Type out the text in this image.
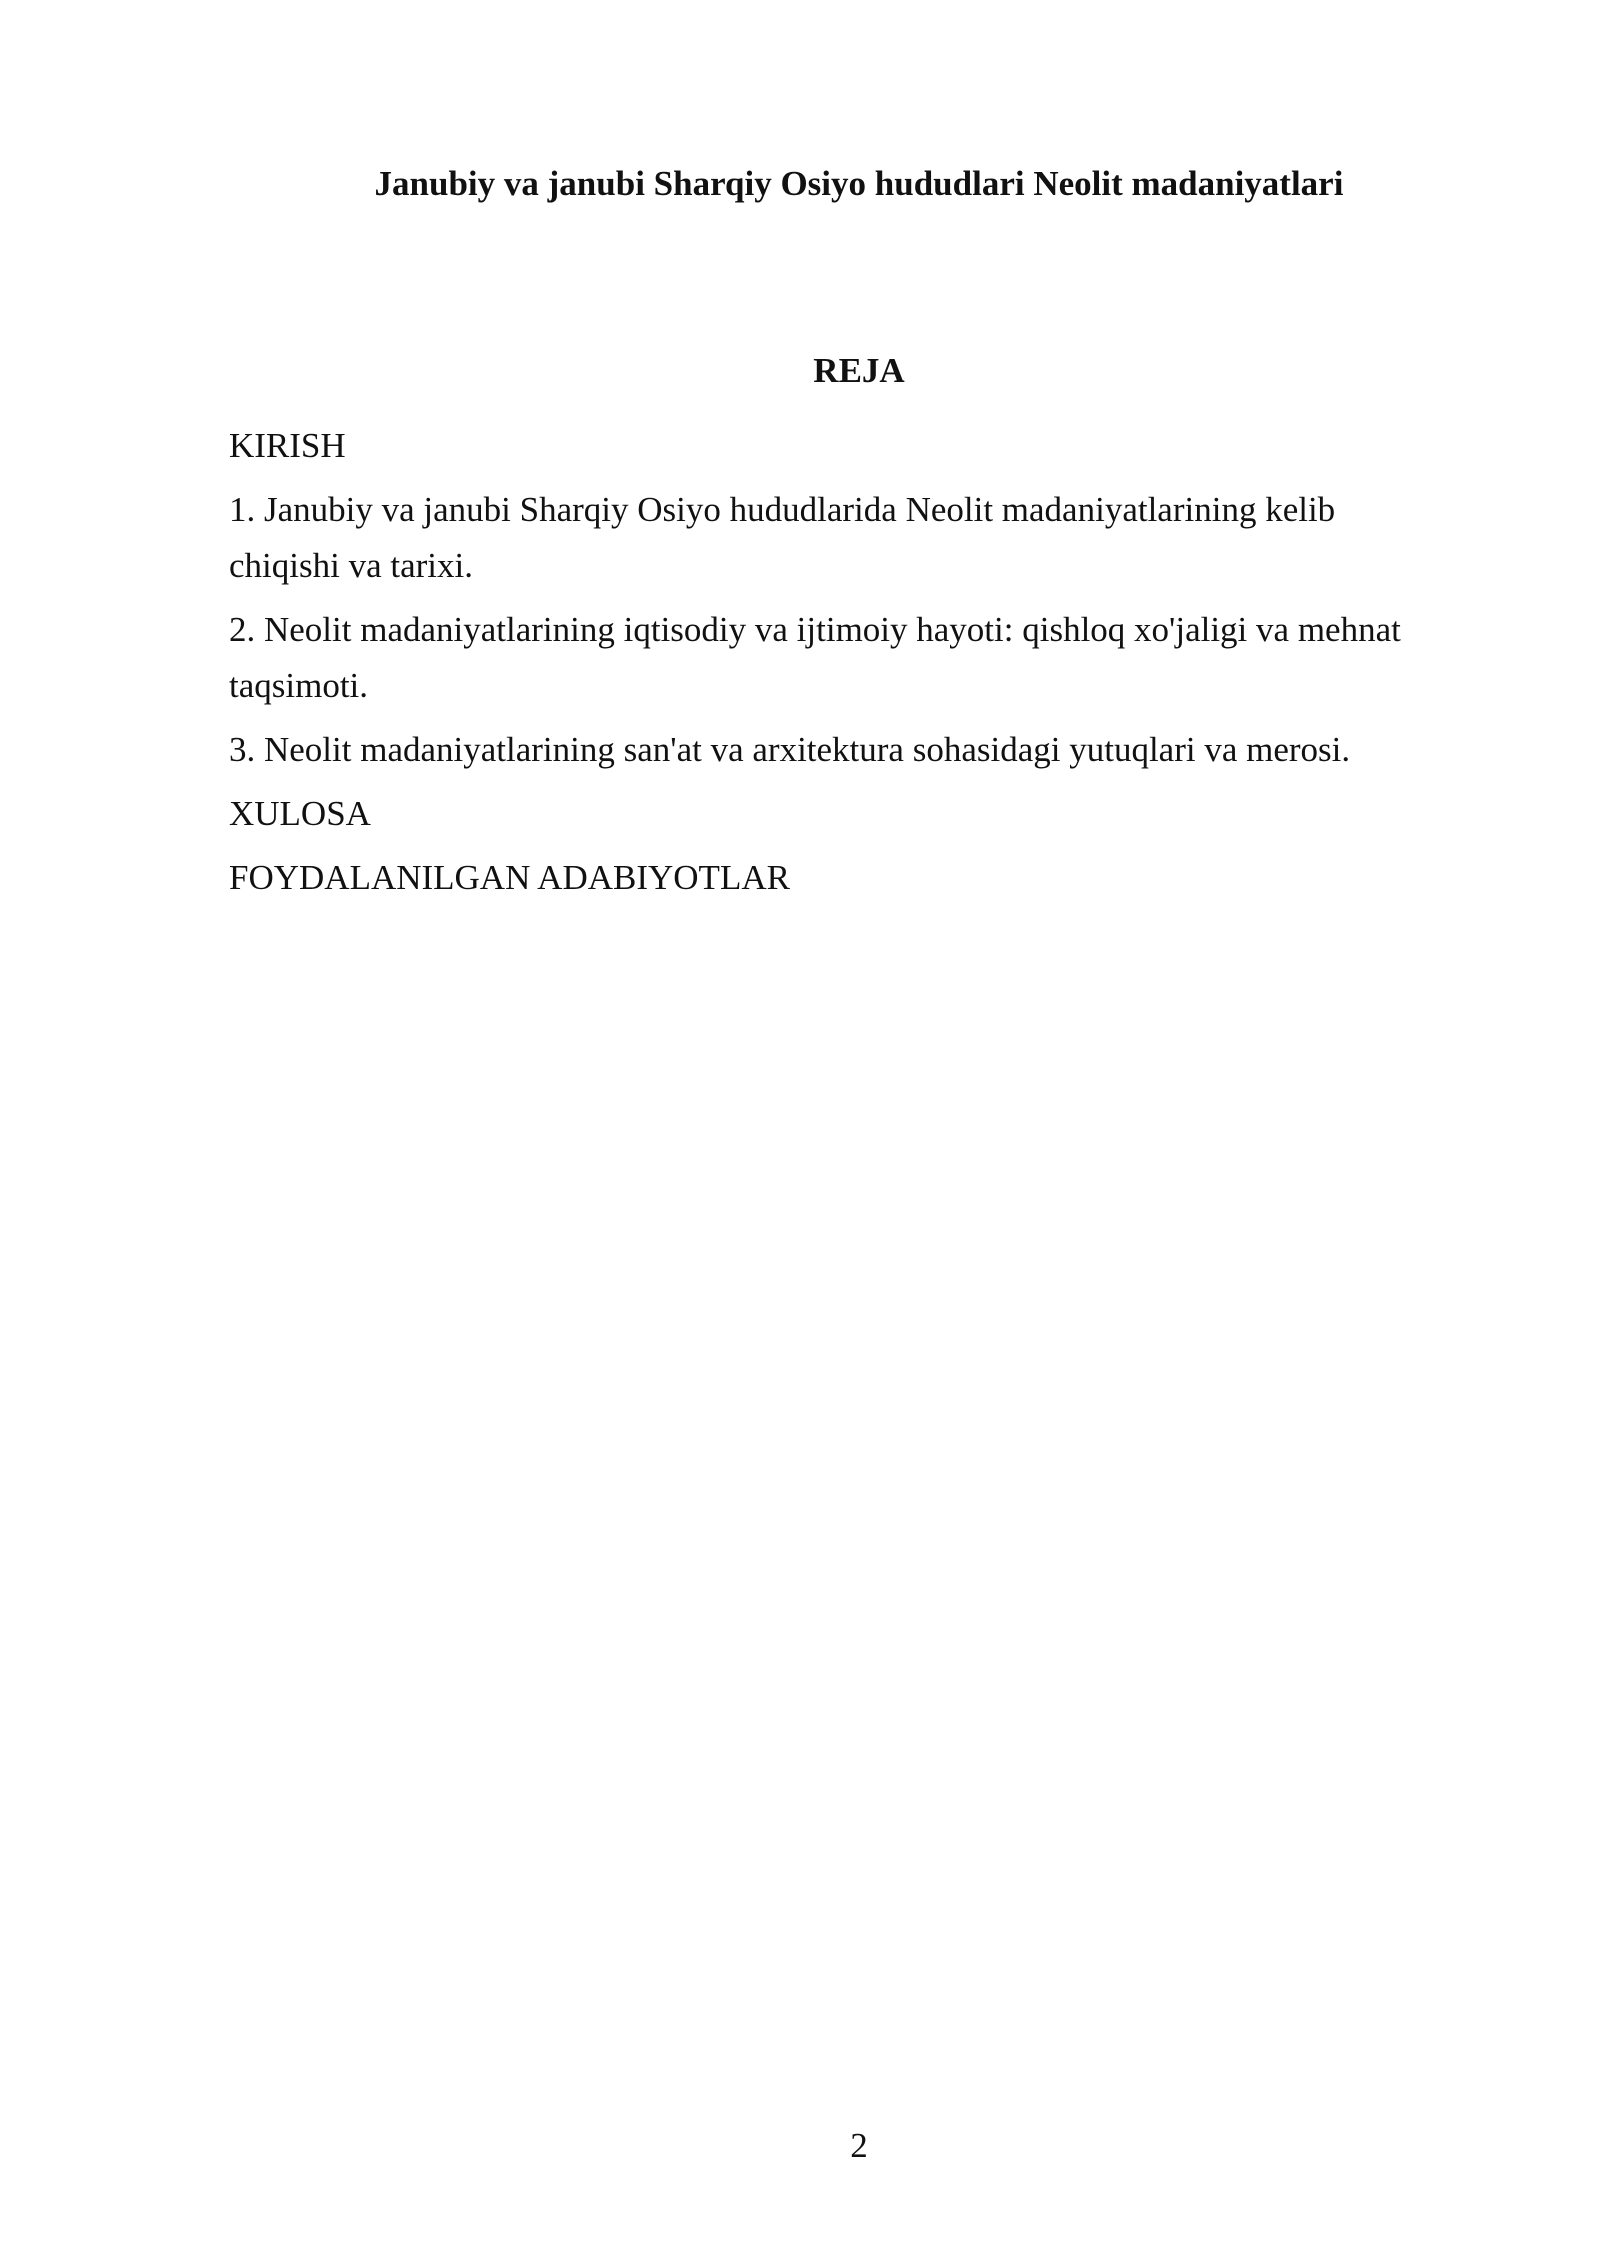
Janubiy va janubi Sharqiy Osiyo hududlari Neolit madaniyatlari
REJA
KIRISH
1. Janubiy va janubi Sharqiy Osiyo hududlarida Neolit madaniyatlarining kelib chiqishi va tarixi.
2. Neolit madaniyatlarining iqtisodiy va ijtimoiy hayoti: qishloq xo'jaligi va mehnat taqsimoti.
3. Neolit madaniyatlarining san'at va arxitektura sohasidagi yutuqlari va merosi.
XULOSA
FOYDALANILGAN ADABIYOTLAR
2
